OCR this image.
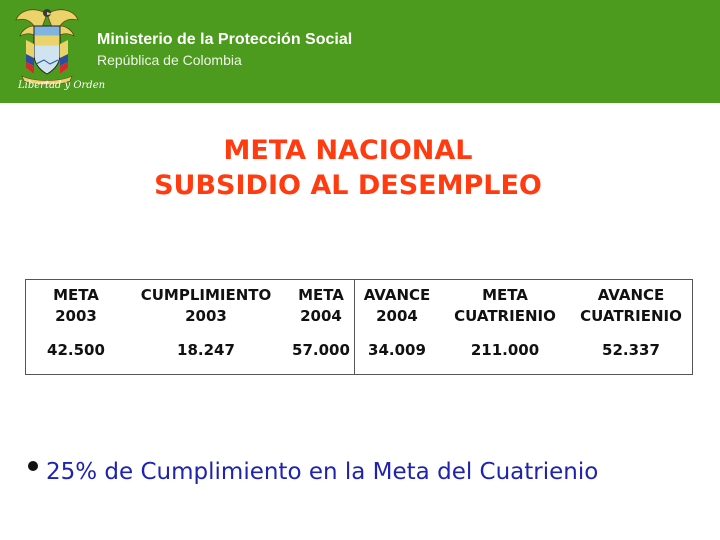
Libertad y Orden
Ministerio de la Protección Social
República de Colombia
META NACIONAL
SUBSIDIO AL DESEMPLEO
META
2003
42.500
CUMPLIMIENTO
2003
18.247
META
2004
57.000
AVANCE
2004
34.009
META
CUATRIENIO
211.000
AVANCE
CUATRIENIO
52.337
25% de Cumplimiento en la Meta del Cuatrienio
